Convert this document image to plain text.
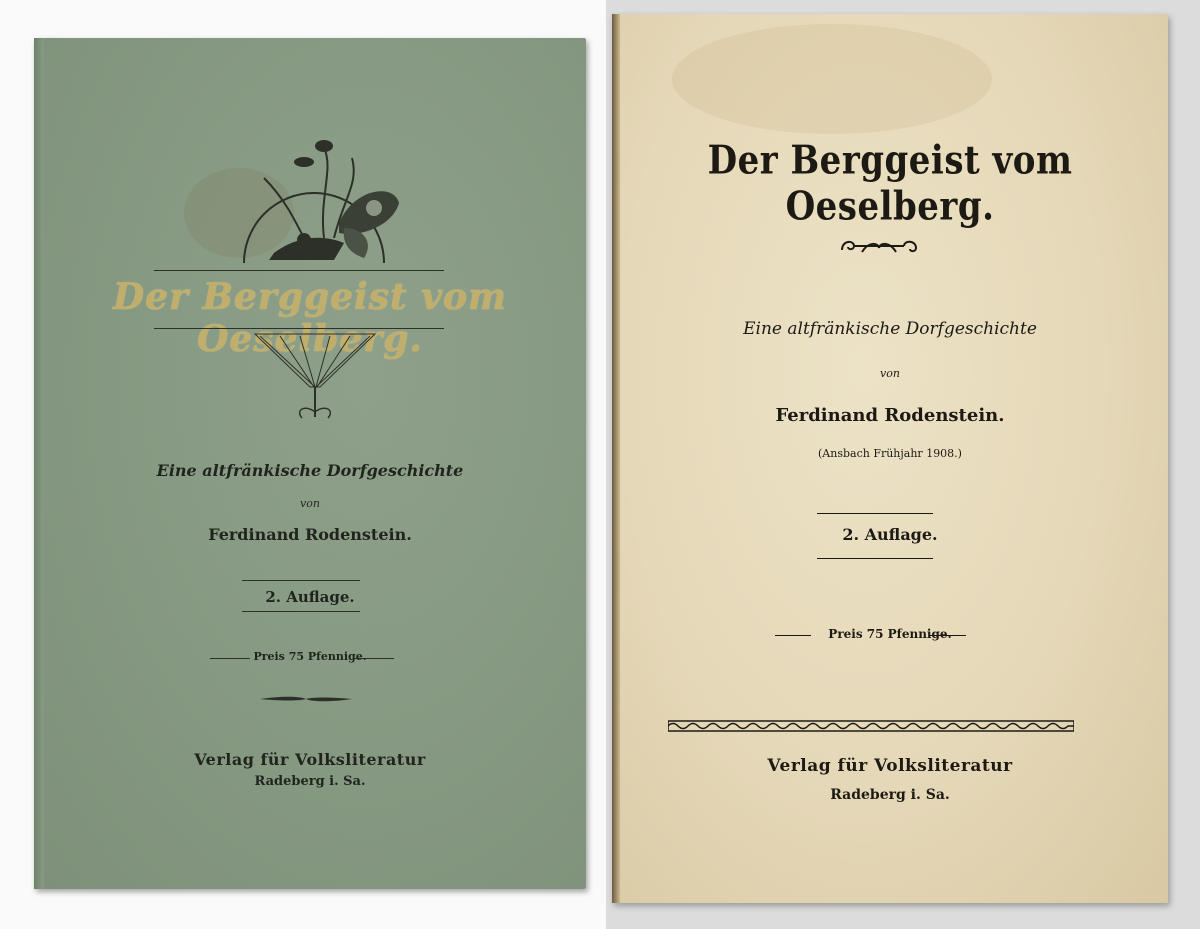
Der Berggeist vom Oeselberg.
Eine altfränkische Dorfgeschichte
von
Ferdinand Rodenstein.
2. Auflage.
Preis 75 Pfennige.
Verlag für Volksliteratur
Radeberg i. Sa.
Der Berggeist vom Oeselberg.
Eine altfränkische Dorfgeschichte
von
Ferdinand Rodenstein.
(Ansbach Frühjahr 1908.)
2. Auflage.
Preis 75 Pfennige.
Verlag für Volksliteratur
Radeberg i. Sa.
